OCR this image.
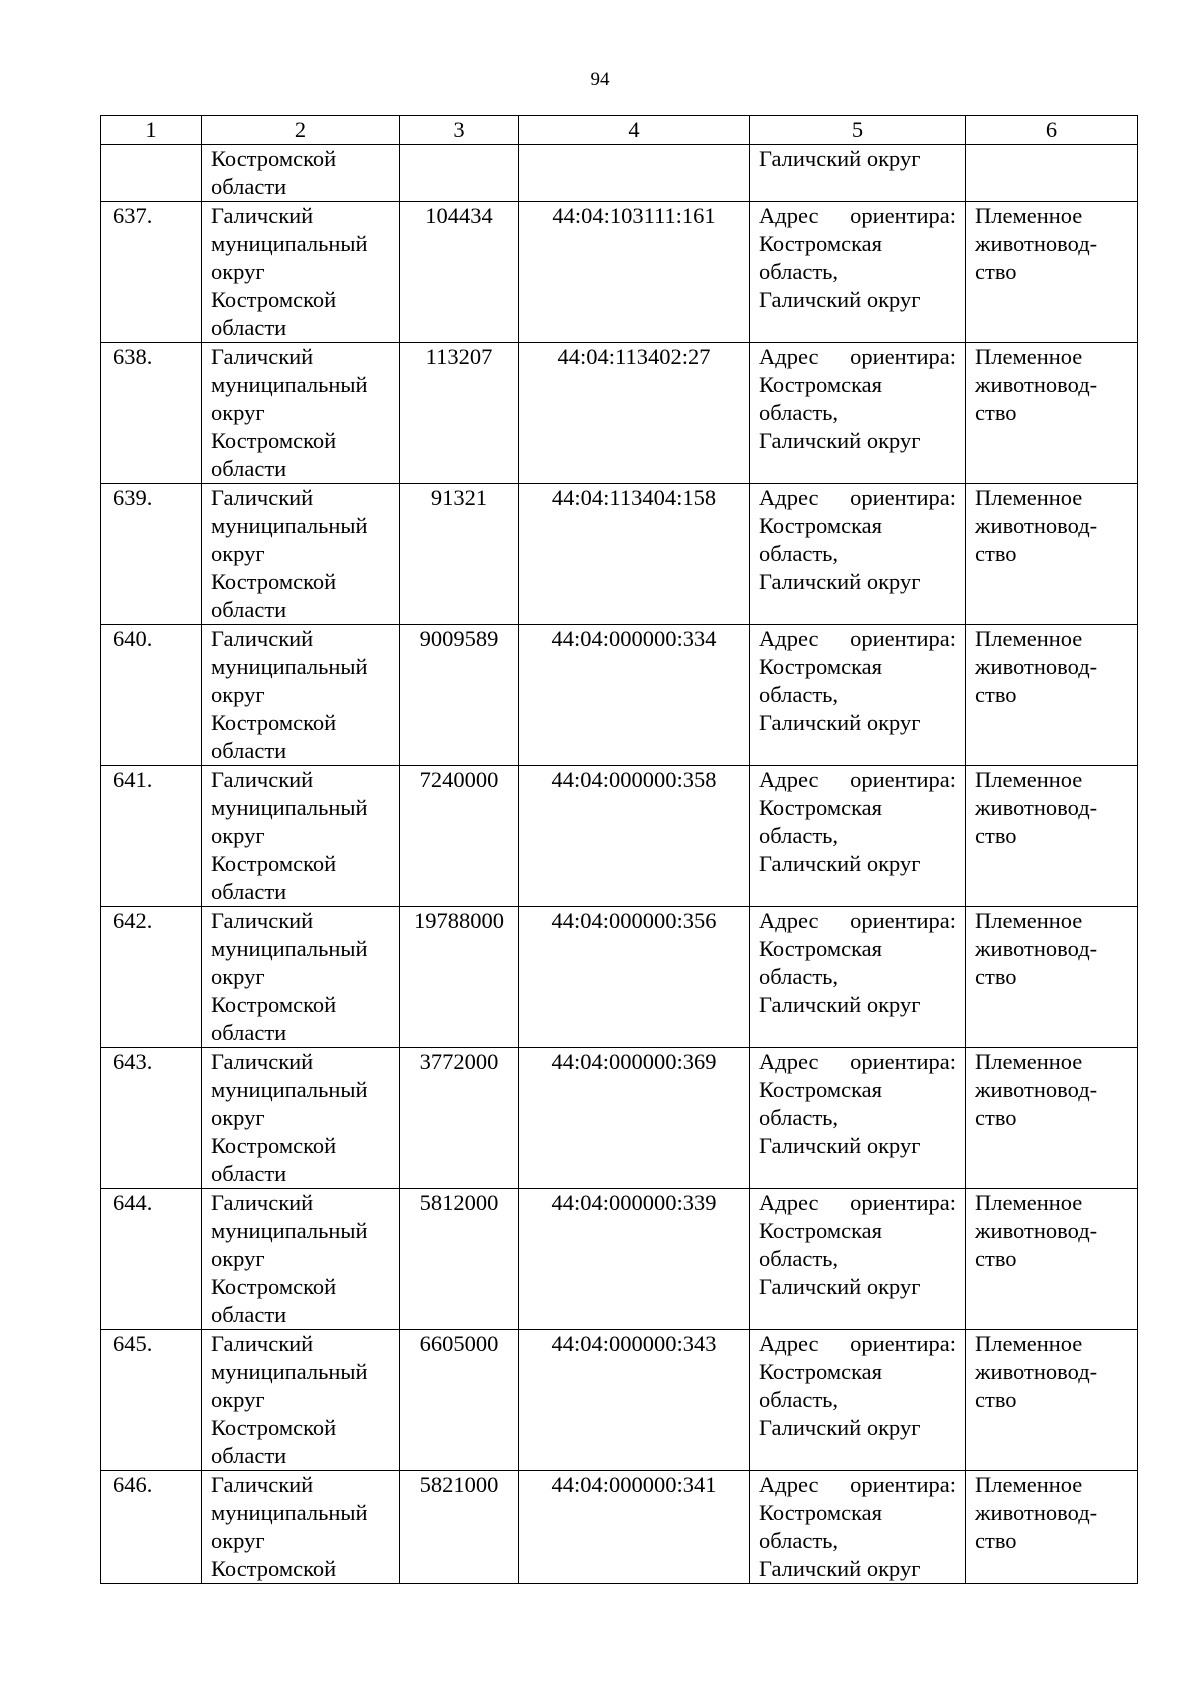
94
1	2	3	4	5	6

	Костромской
области			Галичский округ	

637.	Галичский
муниципальный
округ
Костромской
области	104434	44:04:103111:161	Адрес ориентира:
Костромская
область,
Галичский округ	Племенное
животновод-
ство

638.	Галичский
муниципальный
округ
Костромской
области	113207	44:04:113402:27	Адрес ориентира:
Костромская
область,
Галичский округ	Племенное
животновод-
ство

639.	Галичский
муниципальный
округ
Костромской
области	91321	44:04:113404:158	Адрес ориентира:
Костромская
область,
Галичский округ	Племенное
животновод-
ство

640.	Галичский
муниципальный
округ
Костромской
области	9009589	44:04:000000:334	Адрес ориентира:
Костромская
область,
Галичский округ	Племенное
животновод-
ство

641.	Галичский
муниципальный
округ
Костромской
области	7240000	44:04:000000:358	Адрес ориентира:
Костромская
область,
Галичский округ	Племенное
животновод-
ство

642.	Галичский
муниципальный
округ
Костромской
области	19788000	44:04:000000:356	Адрес ориентира:
Костромская
область,
Галичский округ	Племенное
животновод-
ство

643.	Галичский
муниципальный
округ
Костромской
области	3772000	44:04:000000:369	Адрес ориентира:
Костромская
область,
Галичский округ	Племенное
животновод-
ство

644.	Галичский
муниципальный
округ
Костромской
области	5812000	44:04:000000:339	Адрес ориентира:
Костромская
область,
Галичский округ	Племенное
животновод-
ство

645.	Галичский
муниципальный
округ
Костромской
области	6605000	44:04:000000:343	Адрес ориентира:
Костромская
область,
Галичский округ	Племенное
животновод-
ство

646.	Галичский
муниципальный
округ
Костромской	5821000	44:04:000000:341	Адрес ориентира:
Костромская
область,
Галичский округ	Племенное
животновод-
ство
